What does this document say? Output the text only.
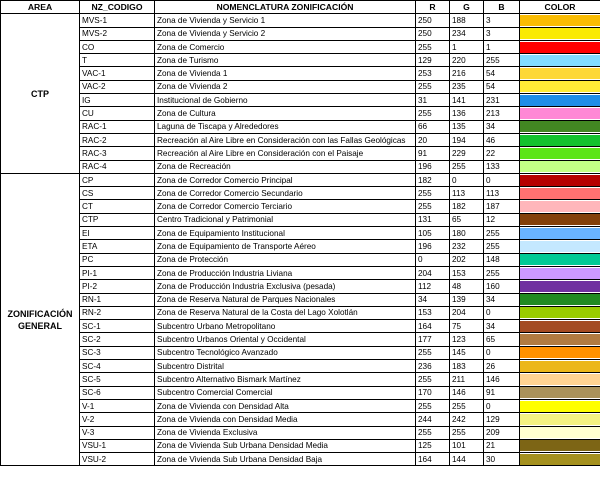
AREA	NZ_CODIGO	NOMENCLATURA ZONIFICACIÓN	R	G	B	COLOR
CTP	MVS-1	Zona de Vivienda y Servicio 1	250	188	3	

	MVS-2	Zona de Vivienda y Servicio 2	250	234	3	

	CO	Zona de Comercio	255	1	1	

	T	Zona de Turismo	129	220	255	

	VAC-1	Zona de Vivienda 1	253	216	54	

	VAC-2	Zona de Vivienda 2	255	235	54	

	IG	Institucional de Gobierno	31	141	231	

	CU	Zona de Cultura	255	136	213	

	RAC-1	Laguna de Tiscapa y Alrededores	66	135	34	

	RAC-2	Recreación al Aire Libre en Consideración con las Fallas Geológicas	20	194	46	

	RAC-3	Recreación al Aire Libre en Consideración con el Paisaje	91	229	22	

	RAC-4	Zona de Recreación	196	255	133	

ZONIFICACIÓN GENERAL	CP	Zona de Corredor Comercio Principal	182	0	0	

	CS	Zona de Corredor Comercio Secundario	255	113	113	

	CT	Zona de Corredor Comercio Terciario	255	182	187	

	CTP	Centro Tradicional y Patrimonial	131	65	12	

	EI	Zona de Equipamiento Institucional	105	180	255	

	ETA	Zona de Equipamiento de Transporte Aéreo	196	232	255	

	PC	Zona de Protección	0	202	148	

	PI-1	Zona de Producción Industria Liviana	204	153	255	

	PI-2	Zona de Producción Industria Exclusiva (pesada)	112	48	160	

	RN-1	Zona de Reserva Natural de Parques Nacionales	34	139	34	

	RN-2	Zona de Reserva Natural de la Costa del Lago Xolotlán	153	204	0	

	SC-1	Subcentro Urbano Metropolitano	164	75	34	

	SC-2	Subcentro Urbanos Oriental y Occidental	177	123	65	

	SC-3	Subcentro Tecnológico Avanzado	255	145	0	

	SC-4	Subcentro Distrital	236	183	26	

	SC-5	Subcentro Alternativo Bismark Martínez	255	211	146	

	SC-6	Subcentro Comercial Comercial	170	146	91	

	V-1	Zona de Vivienda con Densidad Alta	255	255	0	

	V-2	Zona de Vivienda con Densidad Media	244	242	129	

	V-3	Zona de Vivienda Exclusiva	255	255	209	

	VSU-1	Zona de Vivienda Sub Urbana Densidad Media	125	101	21	

	VSU-2	Zona de Vivienda Sub Urbana Densidad Baja	164	144	30	
